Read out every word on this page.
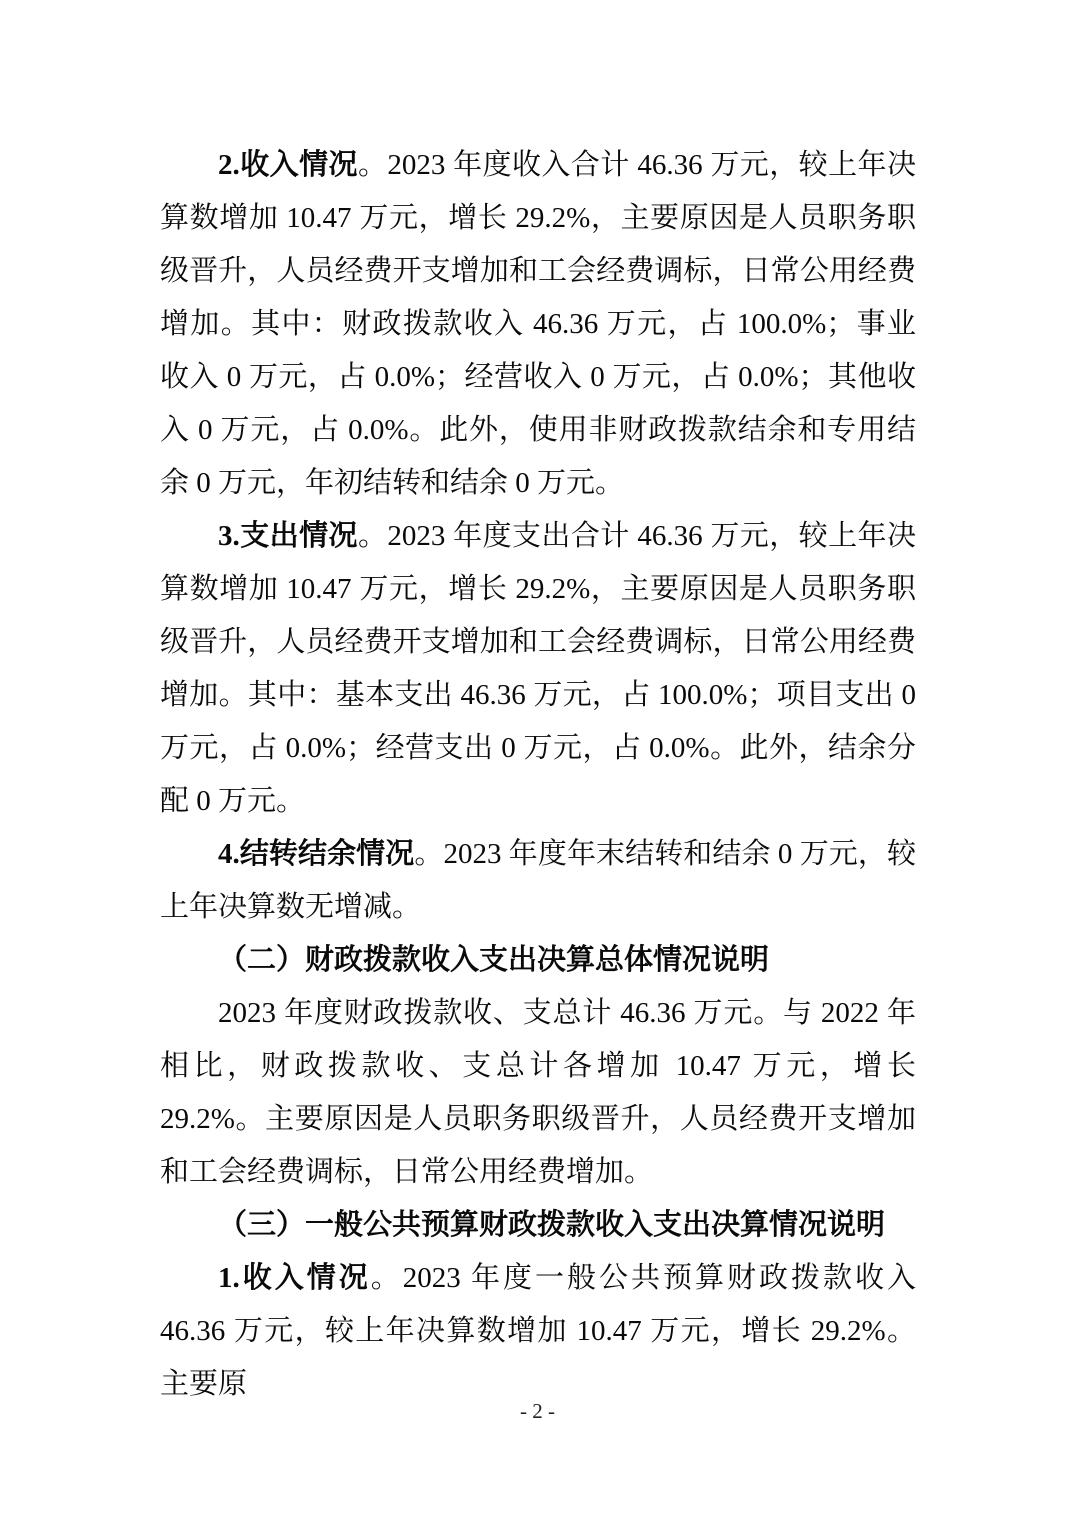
2.收入情况。2023 年度收入合计 46.36 万元，较上年决算数增加 10.47 万元，增长 29.2%，主要原因是人员职务职级晋升，人员经费开支增加和工会经费调标，日常公用经费增加。其中：财政拨款收入 46.36 万元，占 100.0%；事业收入 0 万元，占 0.0%；经营收入 0 万元，占 0.0%；其他收入 0 万元，占 0.0%。此外，使用非财政拨款结余和专用结余 0 万元，年初结转和结余 0 万元。

3.支出情况。2023 年度支出合计 46.36 万元，较上年决算数增加 10.47 万元，增长 29.2%，主要原因是人员职务职级晋升，人员经费开支增加和工会经费调标，日常公用经费增加。其中：基本支出 46.36 万元，占 100.0%；项目支出 0 万元，占 0.0%；经营支出 0 万元，占 0.0%。此外，结余分配 0 万元。

4.结转结余情况。2023 年度年末结转和结余 0 万元，较上年决算数无增减。

（二）财政拨款收入支出决算总体情况说明

2023 年度财政拨款收、支总计 46.36 万元。与 2022 年相比，财政拨款收、支总计各增加 10.47 万元，增长 29.2%。主要原因是人员职务职级晋升，人员经费开支增加和工会经费调标，日常公用经费增加。

（三）一般公共预算财政拨款收入支出决算情况说明

1.收入情况。2023 年度一般公共预算财政拨款收入 46.36 万元，较上年决算数增加 10.47 万元，增长 29.2%。主要原

- 2 -
